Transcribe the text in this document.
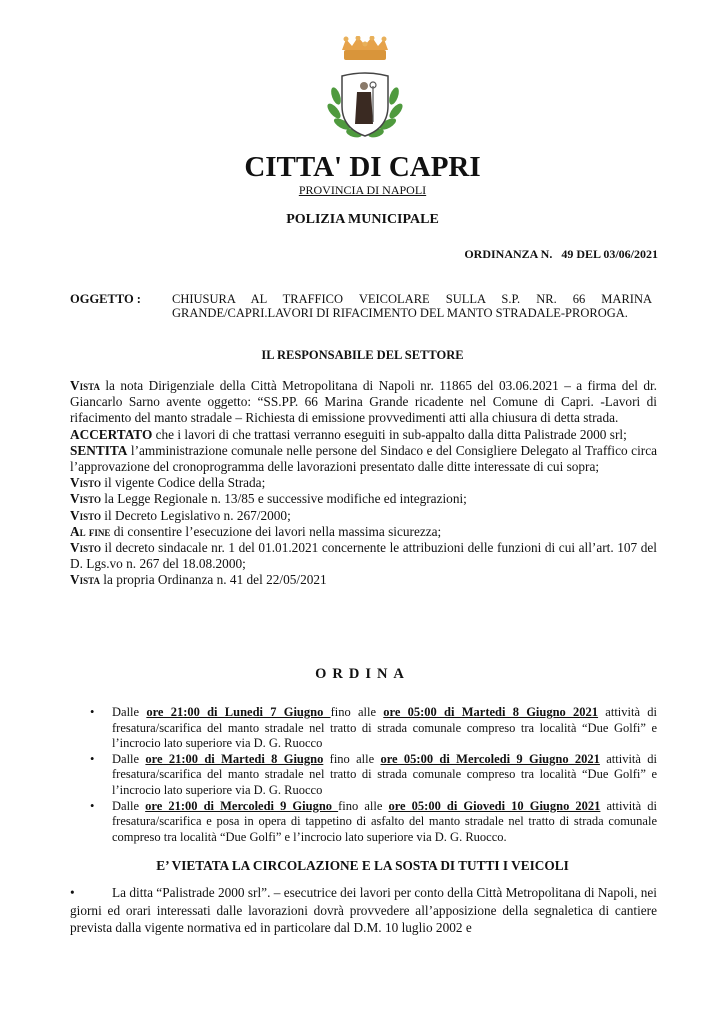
CITTA' DI CAPRI
PROVINCIA DI NAPOLI
POLIZIA MUNICIPALE
ORDINANZA N.   49 DEL 03/06/2021
OGGETTO : CHIUSURA AL TRAFFICO VEICOLARE SULLA S.P. NR. 66 MARINA
GRANDE/CAPRI.LAVORI DI RIFACIMENTO DEL MANTO STRADALE-PROROGA.
IL RESPONSABILE DEL SETTORE

Vista la nota Dirigenziale della Città Metropolitana di Napoli nr. 11865 del 03.06.2021 – a firma del dr. Giancarlo Sarno avente oggetto: “SS.PP. 66 Marina Grande ricadente nel Comune di Capri. -Lavori di rifacimento del manto stradale – Richiesta di emissione provvedimenti atti alla chiusura di detta strada.

ACCERTATO che i lavori di che trattasi verranno eseguiti in sub-appalto dalla ditta Palistrade 2000 srl;

SENTITA l’amministrazione comunale nelle persone del Sindaco e del Consigliere Delegato al Traffico circa l’approvazione del cronoprogramma delle lavorazioni presentato dalle ditte interessate di cui sopra;

Visto il vigente Codice della Strada;

Visto la Legge Regionale n. 13/85 e successive modifiche ed integrazioni;

Visto il Decreto Legislativo n. 267/2000;

Al fine di consentire l’esecuzione dei lavori nella massima sicurezza;

Visto il decreto sindacale nr. 1 del 01.01.2021 concernente le attribuzioni delle funzioni di cui all’art. 107 del D. Lgs.vo n. 267 del 18.08.2000;

Vista la propria Ordinanza n. 41 del 22/05/2021

ORDINA
• Dalle ore 21:00 di Lunedi 7 Giugno fino alle ore 05:00 di Martedi 8 Giugno 2021 attività di fresatura/scarifica del manto stradale nel tratto di strada comunale compreso tra località “Due Golfi” e l’incrocio lato superiore via D. G. Ruocco
• Dalle ore 21:00 di Martedi 8 Giugno fino alle ore 05:00 di Mercoledi 9 Giugno 2021 attività di fresatura/scarifica del manto stradale nel tratto di strada comunale compreso tra località “Due Golfi” e l’incrocio lato superiore via D. G. Ruocco
• Dalle ore 21:00 di Mercoledi 9 Giugno fino alle ore 05:00 di Giovedi 10 Giugno 2021 attività di fresatura/scarifica e posa in opera di tappetino di asfalto del manto stradale nel tratto di strada comunale compreso tra località “Due Golfi” e l’incrocio lato superiore via D. G. Ruocco.
E’ VIETATA LA CIRCOLAZIONE E LA SOSTA DI TUTTI I VEICOLI
•	La ditta “Palistrade 2000 srl”. – esecutrice dei lavori per conto della Città Metropolitana di Napoli, nei giorni ed orari interessati dalle lavorazioni dovrà provvedere all’apposizione della segnaletica di cantiere prevista dalla vigente normativa ed in particolare dal D.M. 10 luglio 2002 e
